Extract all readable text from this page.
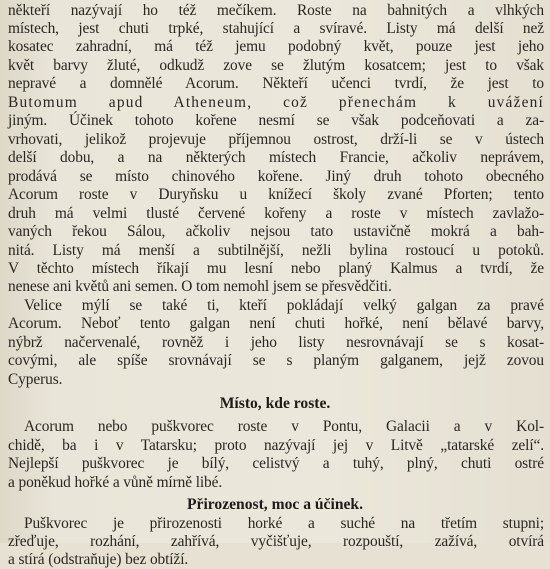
někteří nazývají ho též mečíkem. Roste na bahnitých a vlhkých
místech, jest chuti trpké, stahující a svíravé. Listy má delší než
kosatec zahradní, má též jemu podobný květ, pouze jest jeho
květ barvy žluté, odkudž zove se žlutým kosatcem; jest to však
nepravé a domnělé Acorum. Někteří učenci tvrdí, že jest to
Butomum apud Atheneum, což přenechám k uvážení
jiným. Účinek tohoto kořene nesmí se však podceňovati a za-
vrhovati, jelikož projevuje příjemnou ostrost, drží-li se v ústech
delší dobu, a na některých místech Francie, ačkoliv neprávem,
prodává se místo chinového kořene. Jiný druh tohoto obecného
Acorum roste v Duryňsku u knížecí školy zvané Pforten; tento
druh má velmi tlusté červené kořeny a roste v místech zavlažo-
vaných řekou Sálou, ačkoliv nejsou tato ustavičně mokrá a bah-
nitá. Listy má menší a subtilnější, nežli bylina rostoucí u potoků.
V těchto místech říkají mu lesní nebo planý Kalmus a tvrdí, že
nenese ani květů ani semen. O tom nemohl jsem se přesvědčiti.
Velice mýlí se také ti, kteří pokládají velký galgan za pravé
Acorum. Neboť tento galgan není chuti hořké, není bělavé barvy,
nýbrž načervenalé, rovněž i jeho listy nesrovnávají se s kosat-
covými, ale spíše srovnávají se s planým galganem, jejž zovou
Cyperus.
Místo, kde roste.
Acorum nebo puškvorec roste v Pontu, Galacii a v Kol-
chidě, ba i v Tatarsku; proto nazývají jej v Litvě „tatarské zelí“.
Nejlepší puškvorec je bílý, celistvý a tuhý, plný, chuti ostré
a poněkud hořké a vůně mírně libé.
Přirozenost, moc a účinek.
Puškvorec je přirozenosti horké a suché na třetím stupni;
zřeďuje, rozhání, zahřívá, vyčišťuje, rozpouští, zažívá, otvírá
a stírá (odstraňuje) bez obtíží.
